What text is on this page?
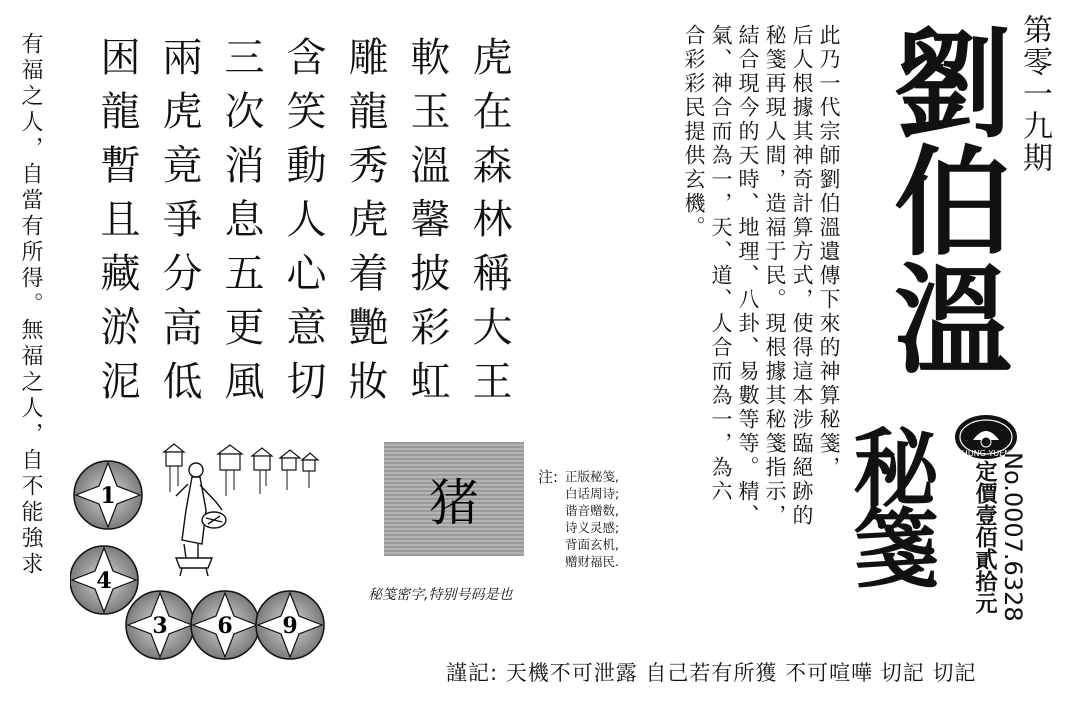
第零一九期
劉伯溫
HUNG YUEN
秘箋 定價壹佰貳拾元 No.0007.6328
此乃一代宗師劉伯溫遺傳下來的神算秘箋，
后人根據其神奇計算方式，使得這本涉臨絕跡的
秘箋再現人間，造福于民。現根據其秘箋指示，
結合現今的天時、地理、八卦、易數等等。精、
氣、神合而為一，天、道、人合而為一，為六
合彩彩民提供玄機。
虎在森林稱大王
軟玉溫馨披彩虹
雕龍秀虎着艷妝
含笑動人心意切
三次消息五更風
兩虎竟爭分高低
困龍暫且藏淤泥
有福之人，自當有所得。無福之人，自不能強求	1
4
3 6 9
猪	注: 正版秘笺,
白话周诗;
谐音赠数,
诗义灵感;
背面玄机,
赠财福民.
秘笺密字,特别号码是也
謹記: 天機不可泄露 自己若有所獲 不可喧嘩 切記 切記
